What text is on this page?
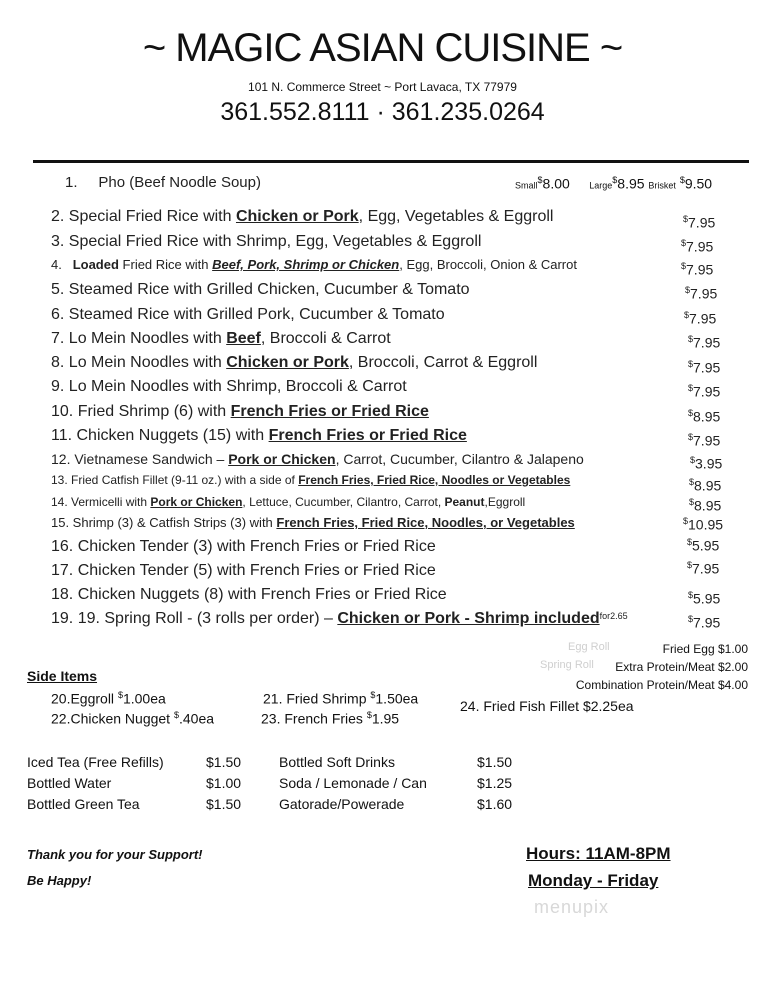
~ MAGIC ASIAN CUISINE ~
101 N. Commerce Street ~ Port Lavaca, TX 77979
361.552.8111 · 361.235.0264
1. Pho (Beef Noodle Soup)	Small$8.00 Large$8.95 Brisket $9.50
2. Special Fried Rice with Chicken or Pork, Egg, Vegetables & Eggroll	$7.95
3. Special Fried Rice with Shrimp, Egg, Vegetables & Eggroll	$7.95
4. Loaded Fried Rice with Beef, Pork, Shrimp or Chicken, Egg, Broccoli, Onion & Carrot	$7.95
5. Steamed Rice with Grilled Chicken, Cucumber & Tomato	$7.95
6. Steamed Rice with Grilled Pork, Cucumber & Tomato	$7.95
7. Lo Mein Noodles with Beef, Broccoli & Carrot	$7.95
8. Lo Mein Noodles with Chicken or Pork, Broccoli, Carrot & Eggroll	$7.95
9. Lo Mein Noodles with Shrimp, Broccoli & Carrot	$7.95
10. Fried Shrimp (6) with French Fries or Fried Rice	$8.95
11. Chicken Nuggets (15) with French Fries or Fried Rice	$7.95
12. Vietnamese Sandwich – Pork or Chicken, Carrot, Cucumber, Cilantro & Jalapeno	$3.95
13. Fried Catfish Fillet (9-11 oz.) with a side of French Fries, Fried Rice, Noodles or Vegetables	$8.95
14. Vermicelli with Pork or Chicken, Lettuce, Cucumber, Cilantro, Carrot, Peanut,Eggroll	$8.95
15. Shrimp (3) & Catfish Strips (3) with French Fries, Fried Rice, Noodles, or Vegetables	$10.95
16. Chicken Tender (3) with French Fries or Fried Rice	$5.95
17. Chicken Tender (5) with French Fries or Fried Rice	$7.95
18. Chicken Nuggets (8) with French Fries or Fried Rice	$5.95
19. 19. Spring Roll - (3 rolls per order) – Chicken or Pork - Shrimp included$^{for2.65}$	$7.95
Egg Roll
Spring Roll
Fried Egg $1.00
Extra Protein/Meat $2.00
Combination Protein/Meat $4.00
Side Items
20.Eggroll $1.00ea	21. Fried Shrimp $1.50ea	24. Fried Fish Fillet $2.25ea
22.Chicken Nugget $.40ea	23. French Fries $1.95
Iced Tea (Free Refills)	$1.50
Bottled Water	$1.00
Bottled Green Tea	$1.50
Bottled Soft Drinks	$1.50
Soda / Lemonade / Can	$1.25
Gatorade/Powerade	$1.60
Thank you for your Support!
Be Happy!
Hours: 11AM-8PM
Monday - Friday
menupix
